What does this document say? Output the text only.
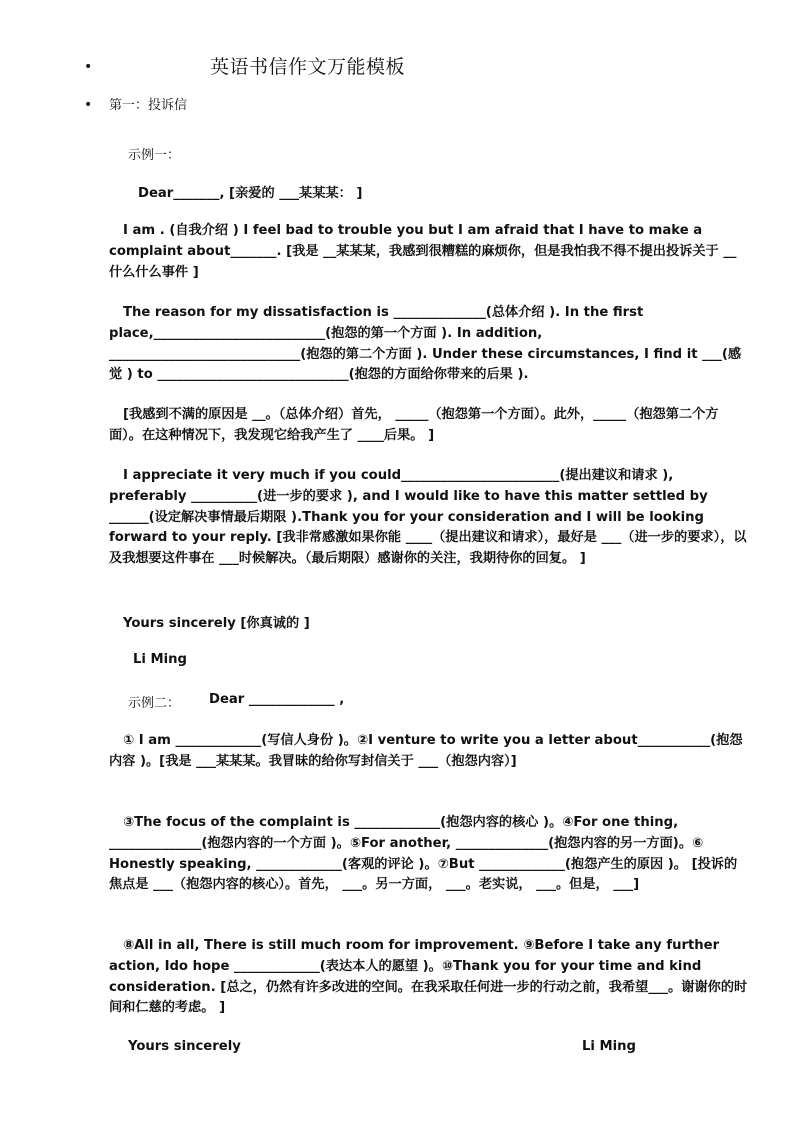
•	英语书信作文万能模板
• 第一：投诉信
示例一：
Dear_______, [亲爱的 ___某某某： ]
I am . (自我介绍 ) I feel bad to trouble you but I am afraid that I have to make a complaint about_______. [我是 __某某某，我感到很糟糕的麻烦你，但是我怕我不得不提出投诉关于 __什么什么事件 ]
The reason for my dissatisfaction is ______________(总体介绍 ). In the first place,__________________________(抱怨的第一个方面 ). In addition, _____________________________(抱怨的第二个方面 ). Under these circumstances, I find it ___(感觉 ) to _____________________________(抱怨的方面给你带来的后果 ).
[我感到不满的原因是 __。（总体介绍）首先， _____（抱怨第一个方面）。此外，_____（抱怨第二个方面）。在这种情况下，我发现它给我产生了 ____后果。 ]
I appreciate it very much if you could________________________(提出建议和请求 ), preferably __________(进一步的要求 ), and I would like to have this matter settled by ______(设定解决事情最后期限 ).Thank you for your consideration and I will be looking forward to your reply. [我非常感激如果你能 ____（提出建议和请求），最好是 ___（进一步的要求），以及我想要这件事在 ___时候解决。（最后期限）感谢你的关注，我期待你的回复。 ]
Yours sincerely [你真诚的 ]
Li Ming
示例二： Dear _____________ ,
① I am _____________(写信人身份 )。②I venture to write you a letter about___________(抱怨内容 )。[我是 ___某某某。我冒昧的给你写封信关于 ___（抱怨内容）]
③The focus of the complaint is _____________(抱怨内容的核心 )。④For one thing, ______________(抱怨内容的一个方面 )。⑤For another, ______________(抱怨内容的另一方面)。⑥ Honestly speaking, _____________(客观的评论 )。⑦But _____________(抱怨产生的原因 )。 [投诉的焦点是 ___（抱怨内容的核心）。首先， ___。另一方面， ___。老实说， ___。但是， ___]
⑧All in all, There is still much room for improvement. ⑨Before I take any further action, Ido hope _____________(表达本人的愿望 )。⑩Thank you for your time and kind consideration. [总之，仍然有许多改进的空间。在我采取任何进一步的行动之前，我希望___。谢谢你的时间和仁慈的考虑。 ]
Yours sincerely	Li Ming
